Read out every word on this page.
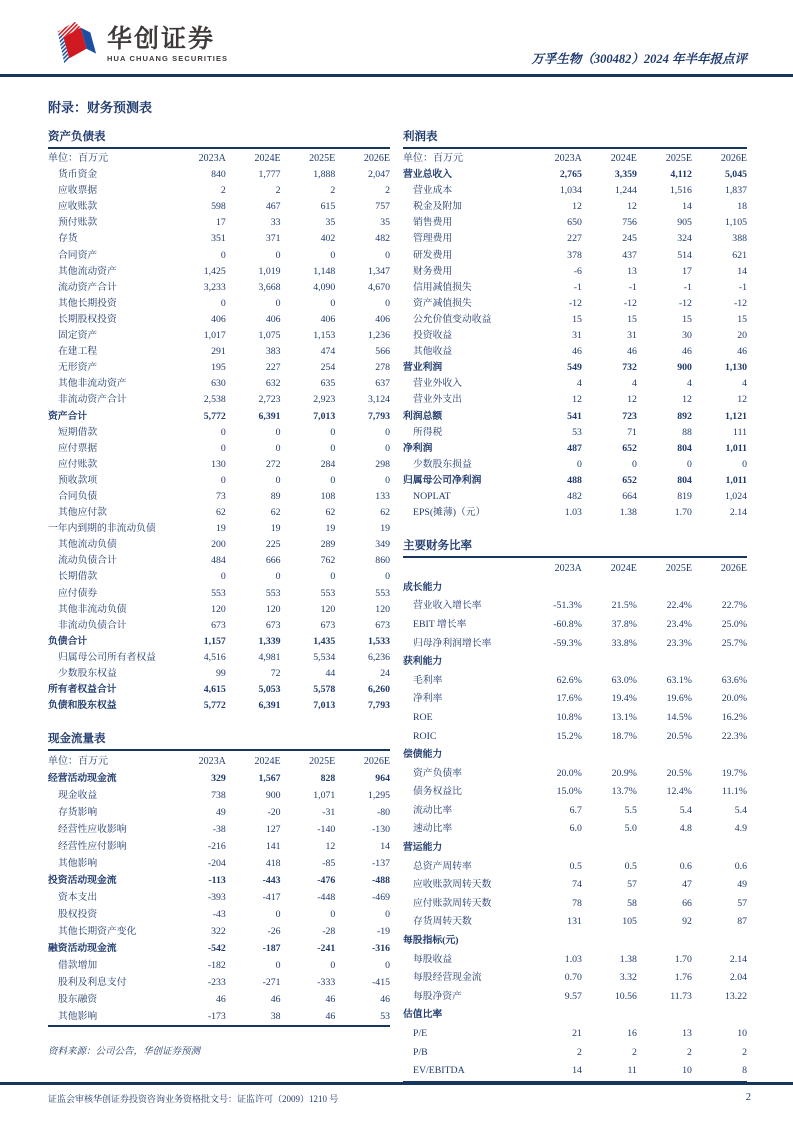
华创证券
HUA CHUANG SECURITIES	万孚生物（300482）2024 年半年报点评
附录：财务预测表
资产负债表
单位：百万元	2023A	2024E	2025E	2026E
货币资金	840	1,777	1,888	2,047
应收票据	2	2	2	2
应收账款	598	467	615	757
预付账款	17	33	35	35
存货	351	371	402	482
合同资产	0	0	0	0
其他流动资产	1,425	1,019	1,148	1,347
流动资产合计	3,233	3,668	4,090	4,670
其他长期投资	0	0	0	0
长期股权投资	406	406	406	406
固定资产	1,017	1,075	1,153	1,236
在建工程	291	383	474	566
无形资产	195	227	254	278
其他非流动资产	630	632	635	637
非流动资产合计	2,538	2,723	2,923	3,124
资产合计	5,772	6,391	7,013	7,793
短期借款	0	0	0	0
应付票据	0	0	0	0
应付账款	130	272	284	298
预收款项	0	0	0	0
合同负债	73	89	108	133
其他应付款	62	62	62	62
一年内到期的非流动负债	19	19	19	19
其他流动负债	200	225	289	349
流动负债合计	484	666	762	860
长期借款	0	0	0	0
应付债券	553	553	553	553
其他非流动负债	120	120	120	120
非流动负债合计	673	673	673	673
负债合计	1,157	1,339	1,435	1,533
归属母公司所有者权益	4,516	4,981	5,534	6,236
少数股东权益	99	72	44	24
所有者权益合计	4,615	5,053	5,578	6,260
负债和股东权益	5,772	6,391	7,013	7,793
现金流量表
单位：百万元	2023A	2024E	2025E	2026E
经营活动现金流	329	1,567	828	964
现金收益	738	900	1,071	1,295
存货影响	49	-20	-31	-80
经营性应收影响	-38	127	-140	-130
经营性应付影响	-216	141	12	14
其他影响	-204	418	-85	-137
投资活动现金流	-113	-443	-476	-488
资本支出	-393	-417	-448	-469
股权投资	-43	0	0	0
其他长期资产变化	322	-26	-28	-19
融资活动现金流	-542	-187	-241	-316
借款增加	-182	0	0	0
股利及利息支付	-233	-271	-333	-415
股东融资	46	46	46	46
其他影响	-173	38	46	53
资料来源：公司公告，华创证券预测
利润表
单位：百万元	2023A	2024E	2025E	2026E
营业总收入	2,765	3,359	4,112	5,045
营业成本	1,034	1,244	1,516	1,837
税金及附加	12	12	14	18
销售费用	650	756	905	1,105
管理费用	227	245	324	388
研发费用	378	437	514	621
财务费用	-6	13	17	14
信用减值损失	-1	-1	-1	-1
资产减值损失	-12	-12	-12	-12
公允价值变动收益	15	15	15	15
投资收益	31	31	30	20
其他收益	46	46	46	46
营业利润	549	732	900	1,130
营业外收入	4	4	4	4
营业外支出	12	12	12	12
利润总额	541	723	892	1,121
所得税	53	71	88	111
净利润	487	652	804	1,011
少数股东损益	0	0	0	0
归属母公司净利润	488	652	804	1,011
NOPLAT	482	664	819	1,024
EPS(摊薄)（元）	1.03	1.38	1.70	2.14
主要财务比率
	2023A	2024E	2025E	2026E
成长能力				
营业收入增长率	-51.3%	21.5%	22.4%	22.7%
EBIT 增长率	-60.8%	37.8%	23.4%	25.0%
归母净利润增长率	-59.3%	33.8%	23.3%	25.7%
获利能力				
毛利率	62.6%	63.0%	63.1%	63.6%
净利率	17.6%	19.4%	19.6%	20.0%
ROE	10.8%	13.1%	14.5%	16.2%
ROIC	15.2%	18.7%	20.5%	22.3%
偿债能力				
资产负债率	20.0%	20.9%	20.5%	19.7%
债务权益比	15.0%	13.7%	12.4%	11.1%
流动比率	6.7	5.5	5.4	5.4
速动比率	6.0	5.0	4.8	4.9
营运能力				
总资产周转率	0.5	0.5	0.6	0.6
应收账款周转天数	74	57	47	49
应付账款周转天数	78	58	66	57
存货周转天数	131	105	92	87
每股指标(元)				
每股收益	1.03	1.38	1.70	2.14
每股经营现金流	0.70	3.32	1.76	2.04
每股净资产	9.57	10.56	11.73	13.22
估值比率				
P/E	21	16	13	10
P/B	2	2	2	2
EV/EBITDA	14	11	10	8
证监会审核华创证券投资咨询业务资格批文号：证监许可（2009）1210 号	2
